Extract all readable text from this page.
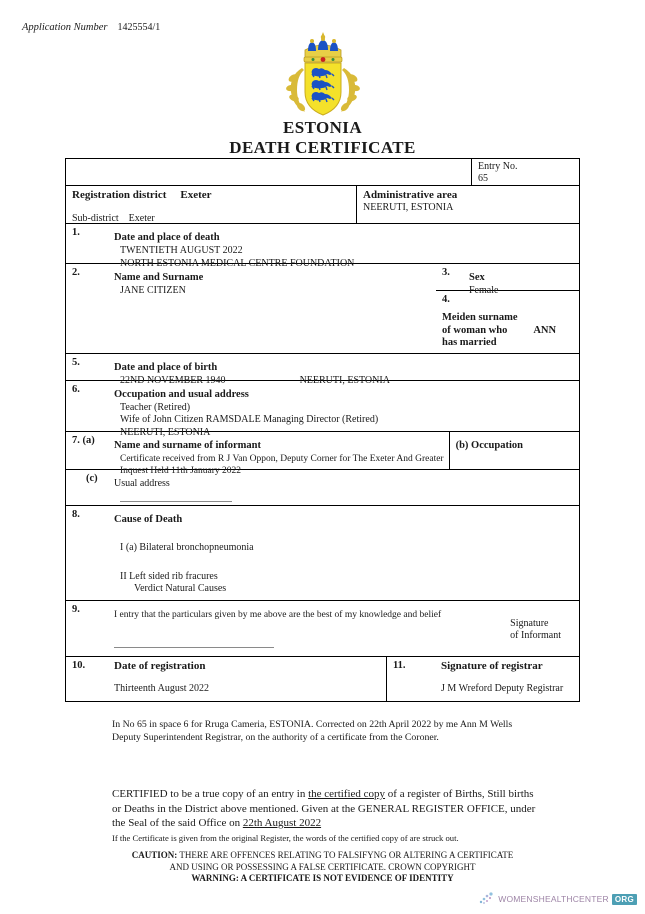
Application Number 1425554/1
ESTONIA
DEATH CERTIFICATE
Entry No.
65
Registration district Exeter
Sub-district Exeter
Administrative area
NEERUTI, ESTONIA
1.	Date and place of death
TWENTIETH AUGUST 2022
NORTH ESTONIA MEDICAL CENTRE FOUNDATION
2.	Name and Surname
JANE CITIZEN
3. Sex
Female
4.
Meiden surname
of woman who ANN
has married
5.	Date and place of birth
22ND NOVEMBER 1940	NEERUTI, ESTONIA
6.	Occupation and usual address
Teacher (Retired)
Wife of John Citizen RAMSDALE Managing Director (Retired)
NEERUTI, ESTONIA
7. (a) Name and surname of informant
Certificate received from R J Van Oppon, Deputy Corner for The Exeter And Greater
Inquest Held 11th January 2022
(b) Occupation
(c) Usual address
8.	Cause of Death
I (a) Bilateral bronchopneumonia
II Left sided rib fracures
Verdict Natural Causes
9.	I entry that the particulars given by me above are the best of my knowledge and belief
Signature
of Informant
10.	Date of registration
Thirteenth August 2022
11.	Signature of registrar
J M Wreford Deputy Registrar
In No 65 in space 6 for Rruga Cameria, ESTONIA. Corrected on 22th April 2022 by me Ann M Wells Deputy Superintendent Registrar, on the authority of a certificate from the Coroner.
CERTIFIED to be a true copy of an entry in the certified copy of a register of Births, Still births or Deaths in the District above mentioned. Given at the GENERAL REGISTER OFFICE, under the Seal of the said Office on 22th August 2022
If the Certificate is given from the original Register, the words of the certified copy of are struck out.
CAUTION: THERE ARE OFFENCES RELATING TO FALSIFYNG OR ALTERING A CERTIFICATE
AND USING OR POSSESSING A FALSE CERTIFICATE. CROWN COPYRIGHT
WARNING: A CERTIFICATE IS NOT EVIDENCE OF IDENTITY
WOMENSHEALTHCENTER ORG
